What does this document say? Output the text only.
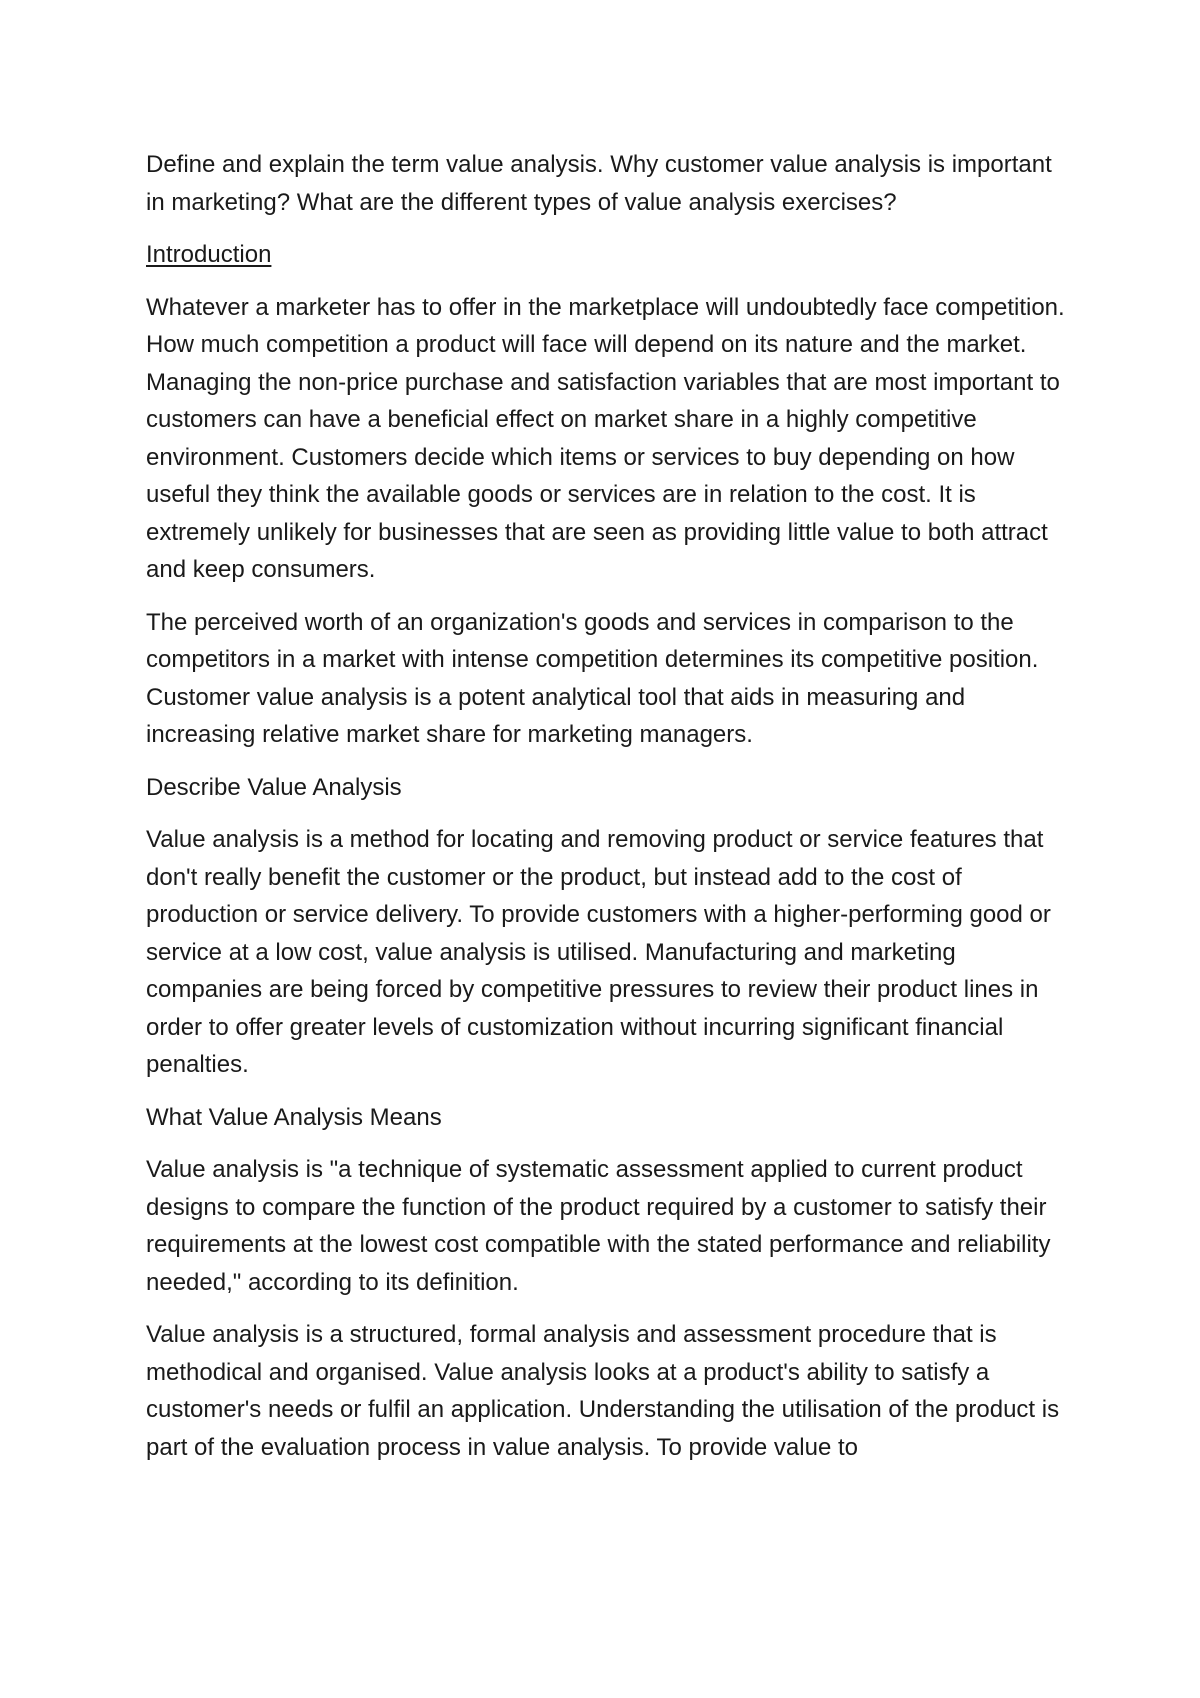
Define and explain the term value analysis. Why customer value analysis is important in marketing? What are the different types of value analysis exercises?

Introduction

Whatever a marketer has to offer in the marketplace will undoubtedly face competition. How much competition a product will face will depend on its nature and the market. Managing the non-price purchase and satisfaction variables that are most important to customers can have a beneficial effect on market share in a highly competitive environment. Customers decide which items or services to buy depending on how useful they think the available goods or services are in relation to the cost. It is extremely unlikely for businesses that are seen as providing little value to both attract and keep consumers.

The perceived worth of an organization's goods and services in comparison to the competitors in a market with intense competition determines its competitive position. Customer value analysis is a potent analytical tool that aids in measuring and increasing relative market share for marketing managers.

Describe Value Analysis

Value analysis is a method for locating and removing product or service features that don't really benefit the customer or the product, but instead add to the cost of production or service delivery. To provide customers with a higher-performing good or service at a low cost, value analysis is utilised. Manufacturing and marketing companies are being forced by competitive pressures to review their product lines in order to offer greater levels of customization without incurring significant financial penalties.

What Value Analysis Means

Value analysis is "a technique of systematic assessment applied to current product designs to compare the function of the product required by a customer to satisfy their requirements at the lowest cost compatible with the stated performance and reliability needed," according to its definition.

Value analysis is a structured, formal analysis and assessment procedure that is methodical and organised. Value analysis looks at a product's ability to satisfy a customer's needs or fulfil an application. Understanding the utilisation of the product is part of the evaluation process in value analysis. To provide value to
